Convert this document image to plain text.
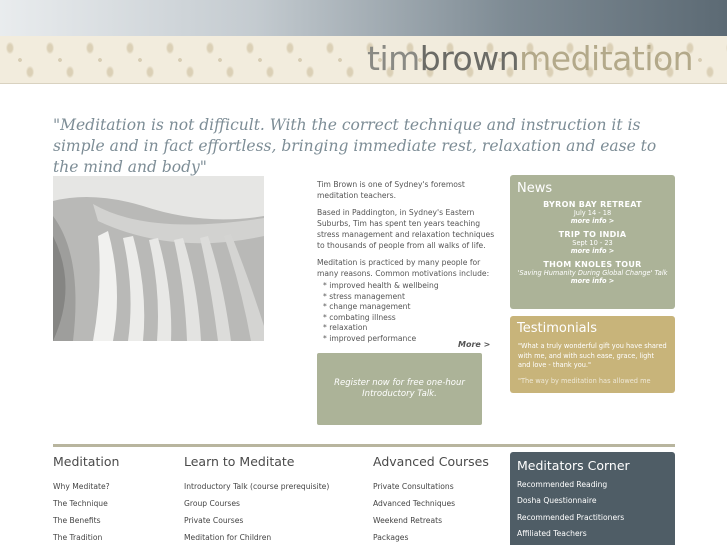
timbrownmeditation
"Meditation is not difficult. With the correct technique and instruction it is simple and in fact effortless, bringing immediate rest, relaxation and ease to the mind and body"

Tim Brown is one of Sydney's foremost meditation teachers.

Based in Paddington, in Sydney's Eastern Suburbs, Tim has spent ten years teaching stress management and relaxation techniques to thousands of people from all walks of life.

Meditation is practiced by many people for many reasons. Common motivations include:

* improved health & wellbeing
* stress management
* change management
* combating illness
* relaxation
* improved performance
More >
Register now for free one-hour
Introductory Talk.
News
BYRON BAY RETREAT
July 14 - 18
more info >
TRIP TO INDIA
Sept 10 - 23
more info >
THOM KNOLES TOUR
'Saving Humanity During Global Change' Talk
more info >
Testimonials

"What a truly wonderful gift you have shared with me, and with such ease, grace, light and love - thank you."

"The way by meditation has allowed me

Meditation
Why Meditate?
The Technique
The Benefits
The Tradition
Learn to Meditate
Introductory Talk (course prerequisite)
Group Courses
Private Courses
Meditation for Children
Advanced Courses
Private Consultations
Advanced Techniques
Weekend Retreats
Packages
Meditators Corner
Recommended Reading
Dosha Questionnaire
Recommended Practitioners
Affiliated Teachers
